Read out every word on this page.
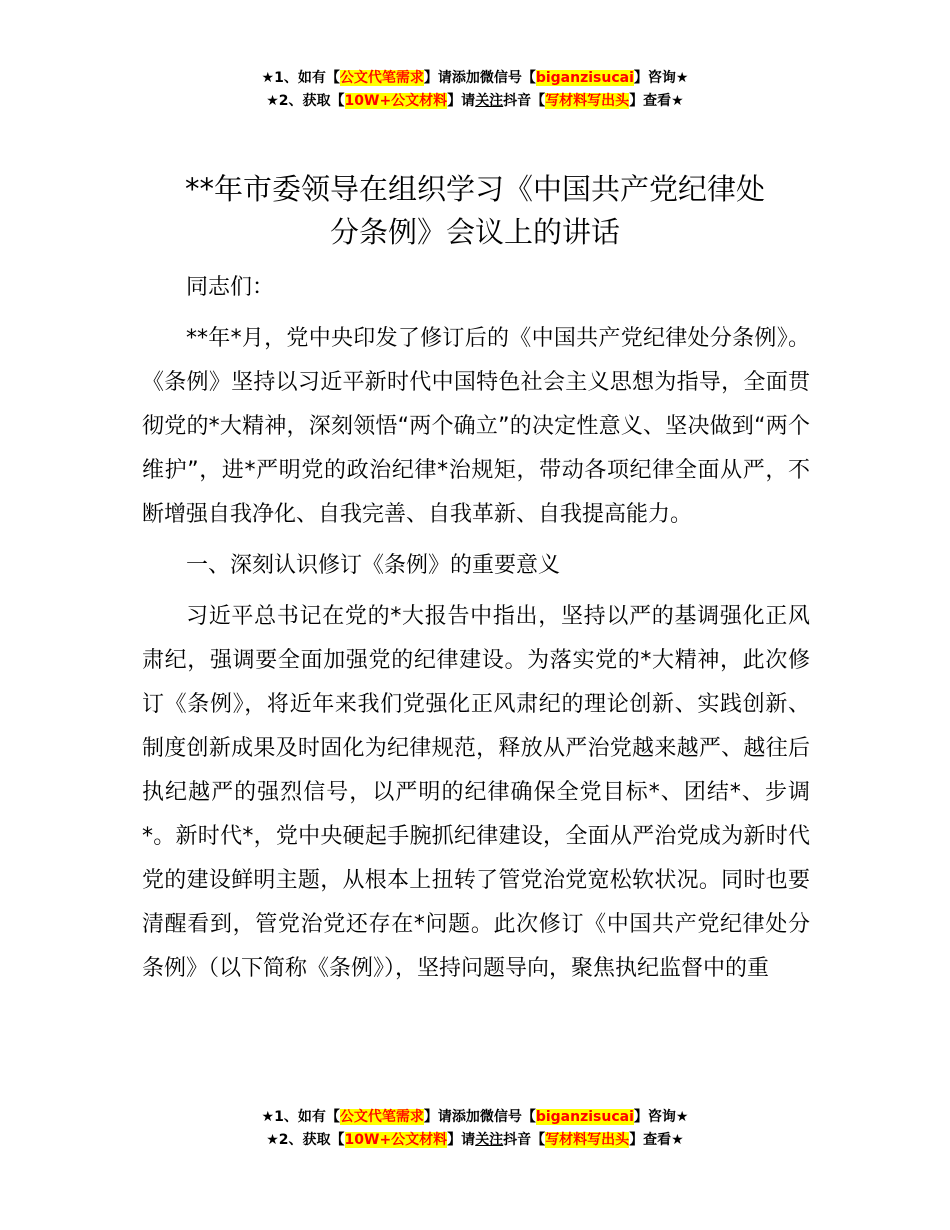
★1、如有【公文代笔需求】请添加微信号【biganzisucai】咨询★
★2、获取【10W+公文材料】请关注抖音【写材料写出头】查看★
**年市委领导在组织学习《中国共产党纪律处
分条例》会议上的讲话

同志们：

**年*月，党中央印发了修订后的《中国共产党纪律处分条例》。《条例》坚持以习近平新时代中国特色社会主义思想为指导，全面贯彻党的*大精神，深刻领悟“两个确立”的决定性意义、坚决做到“两个维护”，进*严明党的政治纪律*治规矩，带动各项纪律全面从严，不断增强自我净化、自我完善、自我革新、自我提高能力。

一、深刻认识修订《条例》的重要意义

习近平总书记在党的*大报告中指出，坚持以严的基调强化正风肃纪，强调要全面加强党的纪律建设。为落实党的*大精神，此次修订《条例》，将近年来我们党强化正风肃纪的理论创新、实践创新、制度创新成果及时固化为纪律规范，释放从严治党越来越严、越往后执纪越严的强烈信号，以严明的纪律确保全党目标*、团结*、步调*。新时代*，党中央硬起手腕抓纪律建设，全面从严治党成为新时代党的建设鲜明主题，从根本上扭转了管党治党宽松软状况。同时也要清醒看到，管党治党还存在*问题。此次修订《中国共产党纪律处分条例》（以下简称《条例》），坚持问题导向，聚焦执纪监督中的重

★1、如有【公文代笔需求】请添加微信号【biganzisucai】咨询★
★2、获取【10W+公文材料】请关注抖音【写材料写出头】查看★
